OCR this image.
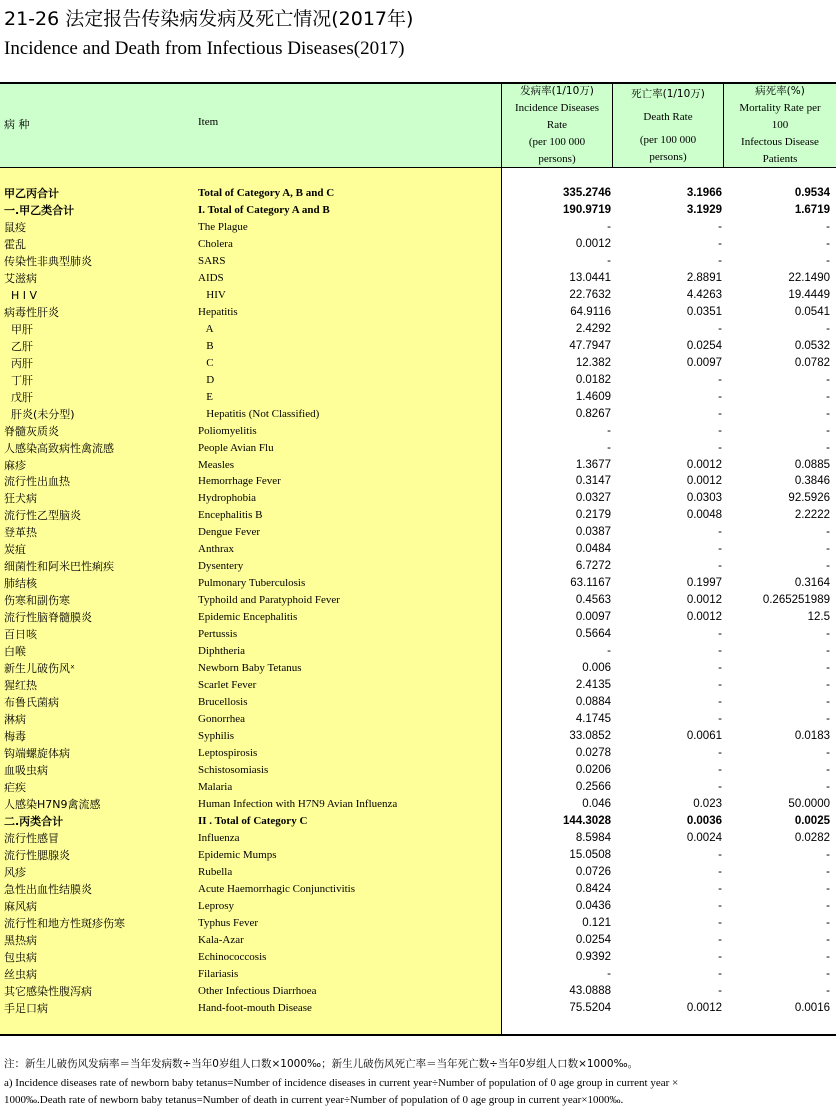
21-26 法定报告传染病发病及死亡情况(2017年)
Incidence and Death from Infectious Diseases(2017)
病 种	Item
发病率(1/10万)
Incidence Diseases
Rate
(per 100 000
persons)
死亡率(1/10万)
Death Rate
(per 100 000
persons)
病死率(%)
Mortality Rate per
100
Infectous Disease
Patients
甲乙丙合计	Total of Category A, B and C	335.2746	3.1966	0.9534
一.甲乙类合计	I. Total of Category A and B	190.9719	3.1929	1.6719
鼠疫	The Plague	-	-	-
霍乱	Cholera	0.0012	-	-
传染性非典型肺炎	SARS	-	-	-
艾滋病	AIDS	13.0441	2.8891	22.1490
H I V	HIV	22.7632	4.4263	19.4449
病毒性肝炎	Hepatitis	64.9116	0.0351	0.0541
甲肝	A	2.4292	-	-
乙肝	B	47.7947	0.0254	0.0532
丙肝	C	12.382	0.0097	0.0782
丁肝	D	0.0182	-	-
戊肝	E	1.4609	-	-
肝炎(未分型)	Hepatitis (Not Classified)	0.8267	-	-
脊髓灰质炎	Poliomyelitis	-	-	-
人感染高致病性禽流感	People Avian Flu	-	-	-
麻疹	Measles	1.3677	0.0012	0.0885
流行性出血热	Hemorrhage Fever	0.3147	0.0012	0.3846
狂犬病	Hydrophobia	0.0327	0.0303	92.5926
流行性乙型脑炎	Encephalitis B	0.2179	0.0048	2.2222
登革热	Dengue Fever	0.0387	-	-
炭疽	Anthrax	0.0484	-	-
细菌性和阿米巴性痢疾	Dysentery	6.7272	-	-
肺结核	Pulmonary Tuberculosis	63.1167	0.1997	0.3164
伤寒和副伤寒	Typhoild and Paratyphoid Fever	0.4563	0.0012	0.265251989
流行性脑脊髓膜炎	Epidemic Encephalitis	0.0097	0.0012	12.5
百日咳	Pertussis	0.5664	-	-
白喉	Diphtheria	-	-	-
新生儿破伤风ˣ	Newborn Baby Tetanus	0.006	-	-
猩红热	Scarlet Fever	2.4135	-	-
布鲁氏菌病	Brucellosis	0.0884	-	-
淋病	Gonorrhea	4.1745	-	-
梅毒	Syphilis	33.0852	0.0061	0.0183
钩端螺旋体病	Leptospirosis	0.0278	-	-
血吸虫病	Schistosomiasis	0.0206	-	-
疟疾	Malaria	0.2566	-	-
人感染H7N9禽流感	Human Infection with H7N9 Avian Influenza	0.046	0.023	50.0000
二.丙类合计	II . Total of Category C	144.3028	0.0036	0.0025
流行性感冒	Influenza	8.5984	0.0024	0.0282
流行性腮腺炎	Epidemic Mumps	15.0508	-	-
风疹	Rubella	0.0726	-	-
急性出血性结膜炎	Acute Haemorrhagic Conjunctivitis	0.8424	-	-
麻风病	Leprosy	0.0436	-	-
流行性和地方性斑疹伤寒	Typhus Fever	0.121	-	-
黑热病	Kala-Azar	0.0254	-	-
包虫病	Echinococcosis	0.9392	-	-
丝虫病	Filariasis	-	-	-
其它感染性腹泻病	Other Infectious Diarrhoea	43.0888	-	-
手足口病	Hand-foot-mouth Disease	75.5204	0.0012	0.0016
注：新生儿破伤风发病率＝当年发病数÷当年0岁组人口数×1000‰；新生儿破伤风死亡率＝当年死亡数÷当年0岁组人口数×1000‰。
a) Incidence diseases rate of newborn baby tetanus=Number of incidence diseases in current year÷Number of population of 0 age group in current year ×
1000‰.Death rate of newborn baby tetanus=Number of death in current year÷Number of population of 0 age group in current year×1000‰.
